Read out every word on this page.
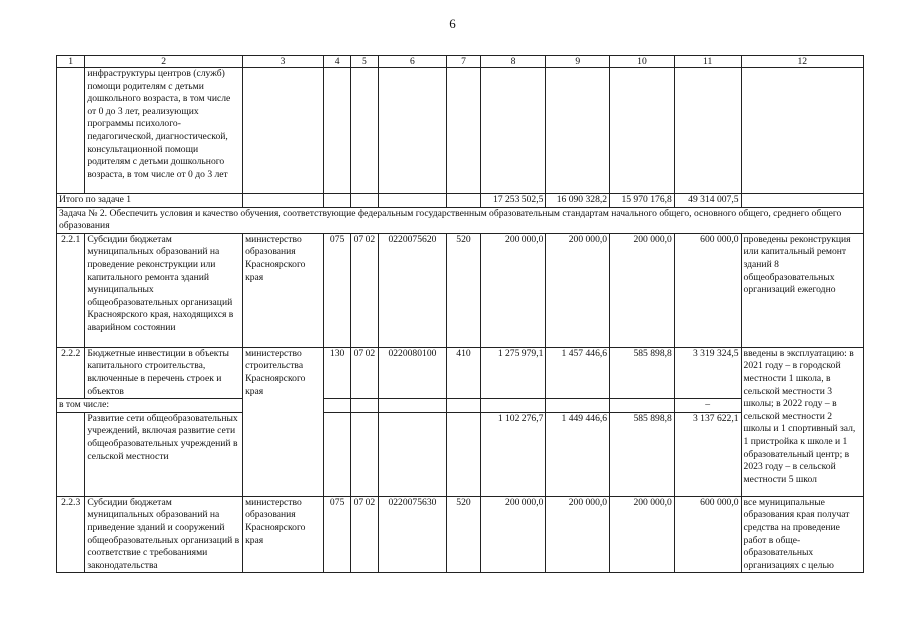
6
1	2	3	4	5	6	7	8	9	10	11	12
	инфраструктуры центров (служб) помощи родителям с детьми дошкольного возраста, в том числе от 0 до 3 лет, реализующих программы психолого-педагогической, диагностической, консультационной помощи родителям с детьми дошкольного возраста, в том числе от 0 до 3 лет										
Итого по задаче 1							17 253 502,5	16 090 328,2	15 970 176,8	49 314 007,5	
Задача № 2. Обеспечить условия и качество обучения, соответствующие федеральным государственным образовательным стандартам начального общего, основного общего, среднего общего образования											
2.2.1	Субсидии бюджетам муниципальных образований на проведение реконструкции или капитального ремонта зданий муниципальных общеобразовательных организаций Красноярского края, находящихся в аварийном состоянии	министерство образования Красноярского края	075	07 02	0220075620	520	200 000,0	200 000,0	200 000,0	600 000,0	проведены реконструкция или капитальный ремонт зданий 8 общеобразовательных организаций ежегодно
2.2.2	Бюджетные инвестиции в объекты капитального строительства, включенные в перечень строек и объектов	министерство строительства Красноярского края	130	07 02	0220080100	410	1 275 979,1	1 457 446,6	585 898,8	3 319 324,5	введены в эксплуатацию: в 2021 году – в городской местности 1 школа, в сельской местности 3 школы; в 2022 году – в сельской местности 2 школы и 1 спортивный зал, 1 пристройка к школе и 1 образовательный центр; в 2023 году – в сельской местности 5 школ
в том числе:										–	
	Развитие сети общеобразовательных учреждений, включая развитие сети общеобразовательных учреждений в сельской местности						1 102 276,7	1 449 446,6	585 898,8	3 137 622,1	
2.2.3	Субсидии бюджетам муниципальных образований на приведение зданий и сооружений общеобразовательных организаций в соответствие с требованиями законодательства	министерство образования Красноярского края	075	07 02	0220075630	520	200 000,0	200 000,0	200 000,0	600 000,0	все муниципальные образования края получат средства на проведение работ в обще-образовательных организациях с целью
